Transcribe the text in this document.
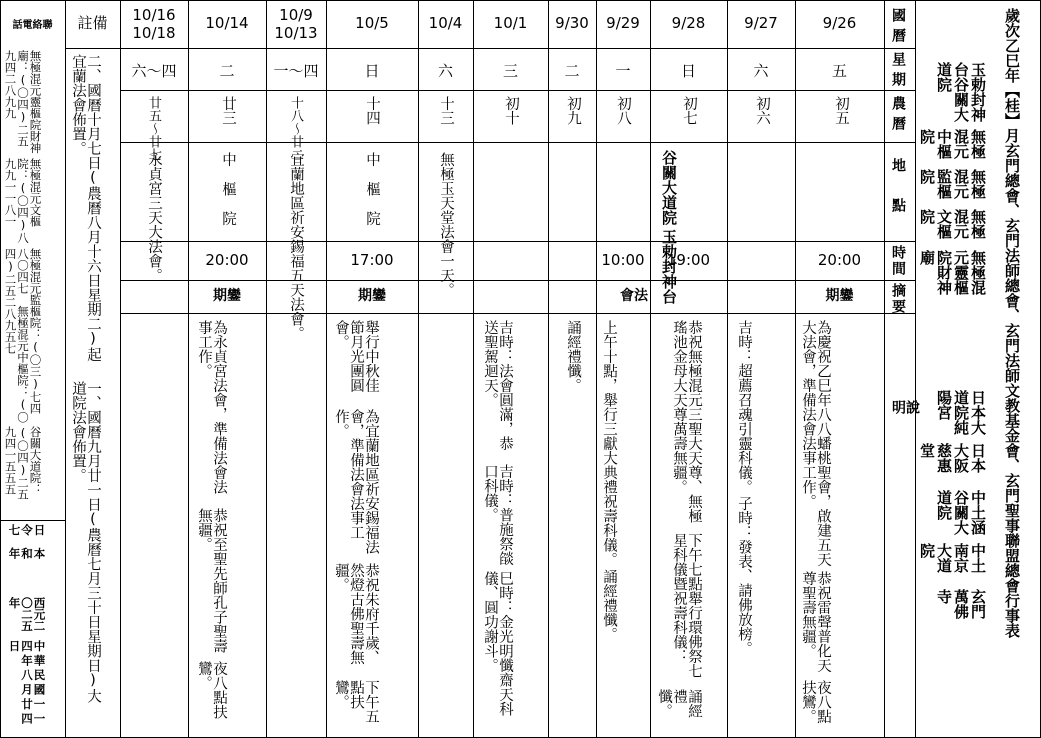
歲次乙巳年【桂】月玄門總會、玄門法師總會、玄門法師文教基金會、玄門聖事聯盟總會行事表
玉勅封神台谷關大道院
無極混元中樞院
無極混元監樞院
無極混元文樞院
無極混元靈樞院財神廟
日本大道院純陽宮
日本大阪慈惠堂
中土涵谷關大道院
中土南京大道院
玄門萬佛寺
國曆
星期
農曆
地點
時間
摘要
說明
9/26
五
初五
20:00
期鑾
夜八點扶鸞。
恭祝雷聲普化天尊聖壽無疆。
為慶祝乙巳年八八蟠桃聖會，啟建五天大法會，準備法會法事工作。
9/27
六
初六
子時：發表、請佛放榜。
吉時：超薦召魂引靈科儀。
9/28
日
初七
玉勅封神台
谷關大道院
19:00
誦經禮懺。
下午七點舉行環佛祭七星科儀暨祝壽科儀：
恭祝無極混元三聖大天尊、無極瑤池金母大天尊萬壽無疆。
9/29
一
初八
10:00
誦經禮懺。
上午十點，舉行三獻大典禮祝壽科儀。
9/30
二
初九
誦經禮懺。
10/1
三
初十
巳時：金光明懺齋天科儀、圓功謝斗。
吉時：普施祭燄口科儀。
吉時：法會圓滿，恭送聖駕迴天。
會法
10/4
六
十三
無極玉天堂法會一天。
10/5
日
十四
中樞院
17:00
期鑾
下午五點扶鸞。
恭祝朱府千歲、然燈古佛聖壽無疆。
為宜蘭地區祈安錫福法會，準備法會法事工作。
舉行中秋佳節月光團圓會。
10/9
10/13
一～四
十八～廿二
宜蘭地區祈安錫福五天法會。
10/14
二
廿三
中樞院
20:00
期鑾
夜八點扶鸞。
恭祝至聖先師孔子聖壽無疆。
為永貞宮法會，準備法會法事工作。
10/16
10/18
六～四
廿五～廿七
永貞宮三天大法會。
註備
一、國曆九月廿一日(農曆七月三十日星期日)大道院法會佈置。
二、國曆十月七日(農曆八月十六日星期二)起宜蘭法會佈置。
話電絡聯
谷關大道院：(〇四)二五九四一五五五
無極混元監樞院：(〇三)七四八〇四七　無極混元中樞院：(〇四)二五二八九五七
無極混元文樞院：(〇四)八九九一一八一
無極混元靈樞院財神廟：(〇四)二五九四二八九九
中華民國一一四年八月廿四日
西元二〇二五年
日本令和七年
